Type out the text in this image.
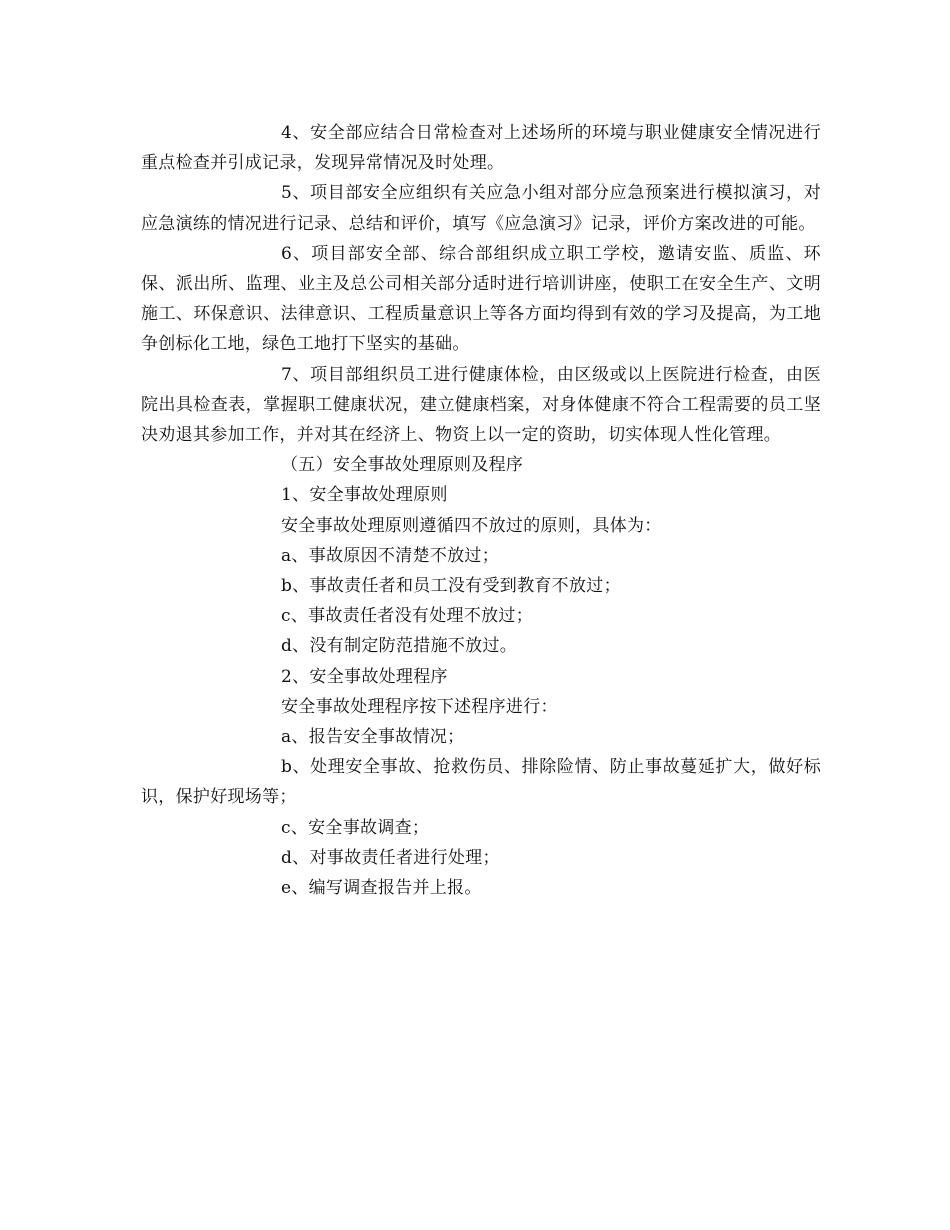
4、安全部应结合日常检查对上述场所的环境与职业健康安全情况进行重点检查并引成记录，发现异常情况及时处理。

5、项目部安全应组织有关应急小组对部分应急预案进行模拟演习，对应急演练的情况进行记录、总结和评价，填写《应急演习》记录，评价方案改进的可能。

6、项目部安全部、综合部组织成立职工学校，邀请安监、质监、环保、派出所、监理、业主及总公司相关部分适时进行培训讲座，使职工在安全生产、文明施工、环保意识、法律意识、工程质量意识上等各方面均得到有效的学习及提高，为工地争创标化工地，绿色工地打下坚实的基础。

7、项目部组织员工进行健康体检，由区级或以上医院进行检查，由医院出具检查表，掌握职工健康状况，建立健康档案，对身体健康不符合工程需要的员工坚决劝退其参加工作，并对其在经济上、物资上以一定的资助，切实体现人性化管理。

（五）安全事故处理原则及程序

1、安全事故处理原则

安全事故处理原则遵循四不放过的原则，具体为：

a、事故原因不清楚不放过；

b、事故责任者和员工没有受到教育不放过；

c、事故责任者没有处理不放过；

d、没有制定防范措施不放过。

2、安全事故处理程序

安全事故处理程序按下述程序进行：

a、报告安全事故情况；

b、处理安全事故、抢救伤员、排除险情、防止事故蔓延扩大，做好标识，保护好现场等；

c、安全事故调查；

d、对事故责任者进行处理；

e、编写调查报告并上报。
